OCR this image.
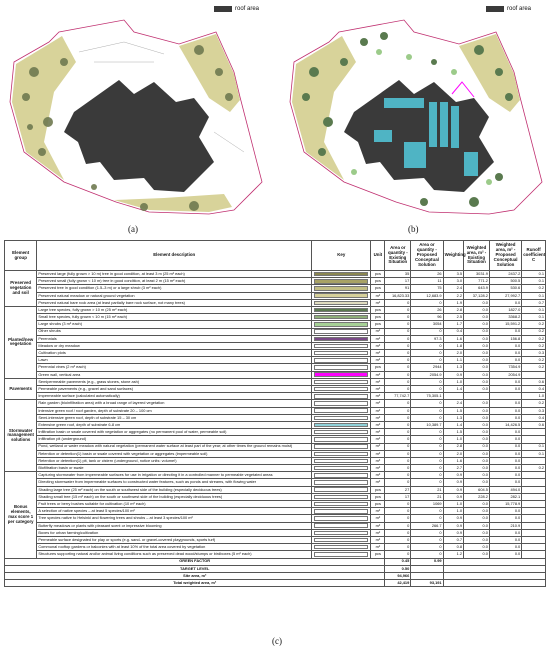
roof area	roof area
(a)	(b)
Element group	Element description	Key	Unit	Area or quantity - Existing Situation	Area or quantity - Proposed Conceptual Solution	Weighting	Weighted area, m² - Existing Situation	Weighted area, m² - Proposed Conceptual Solution	Runoff coefficient C
Preserved vegetation and soil	Preserved large (fully grown > 10 m) tree in good condition, at least 3 m (25 m² each)		pcs	35	26	3.5	3031.9	2437.2	0.1
	Preserved small (fully grown < 10 m) tree in good condition, at least 2 m (15 m² each)		pcs	17	11	3.0	771.2	500.5	0.1
	Preserved tree in good condition (1.5–3 m) or a large shrub (3 m² each)		pcs	91	75	2.4	643.9	530.6	0.2
	Preserved natural meadow or natural ground vegetation		m²	16,823.33	12,683.9	2.2	37,128.2	27,992.7	0.1
	Preserved natural bare rock area (at least partially bare rock surface, not many trees)		m²	0	0	1.9	0.0	0.0	0.7
Planted/new vegetation	Large tree species, fully grown > 10 m (25 m² each)		pcs	0	26	2.8	0.0	1827.0	0.1
	Small tree species, fully grown < 10 m (15 m² each)		pcs	0	96	2.5	0.0	3368.2	0.1
	Large shrubs (3 m² each)		pcs	0	3054	1.7	0.0	15,591.2	0.2
	Other shrubs		m²	0	0	0.4	0.0	0.0	0.2
	Perennials		m²	0	97.3	1.6	0.0	156.8	0.2
	Meadow or dry meadow		m²	0	0	1.8	0.0	0.0	0.2
	Cultivation plots		m²	0	0	2.0	0.0	0.0	0.3
	Lawn		m²	0	0	1.1	0.0	0.0	0.2
	Perennial vines (2 m² each)		pcs	0	2944	1.3	0.0	7354.9	0.2
	Green wall, vertical area		m²	0	2054.9	0.9	0.0	2054.9	
Pavements	Semipermeable pavements (e.g., grass stones, stone ash)		m²	0	0	1.0	0.0	0.0	0.6
	Permeable pavements (e.g., gravel and sand surfaces)		m²	0	0	1.4	0.0	0.0	0.4
	Impermeable surface (calculated automatically)		m²	77,742.7	75,305.1				1.0
Stormwater management solutions	Rain garden (bioinfiltration area) with a broad range of layered vegetation		m²	0	0	2.4	0.0	0.0	0.2
	Intensive green roof / roof garden, depth of substrate 20 – 100 cm		m²	0	0	1.5	0.0	0.0	0.3
	Semi-intensive green roof, depth of substrate 15 – 30 cm		m²	0	0	1.3	0.0	0.0	0.4
	Extensive green roof, depth of substrate 6-8 cm		m²	0	10,389.7	1.4	0.0	14,426.5	0.6
	Infiltration basin or swale covered with vegetation or aggregates (no permanent pool of water, permeable soil)		m²	0	0	1.5	0.0	0.0	
	Infiltration pit (underground)		m²	0	0	1.0	0.0	0.0	
	Pond, wetland or water meadow with natural vegetation (permanent water surface at least part of the year; at other times the ground remains moist)		m²	0	0	2.8	0.0	0.0	0.1
	Retention or detention(1) basin or swale covered with vegetation or aggregates (impermeable soil)		m²	0	0	2.0	0.0	0.0	0.1
	Retention or detention(1) pit, tank or cistern (underground, notice units: volume!)		m³	0	0	1.6	0.0	0.0	
	Biofiltration basin or swale		m²	0	0	2.7	0.0	0.0	0.2
Bonus elements, max score 1 per category	Capturing stormwater from impermeable surfaces for use in irrigation or directing it in a controlled manner to permeable vegetated areas		m²	0	0	0.9	0.0	0.0	
	Directing stormwater from impermeable surfaces to constructed water features, such as ponds and streams, with flowing water		m²	0	0	0.9	0.0	0.0	
	Shading large tree (25 m² each) on the south or southwest side of the building (especially deciduous trees)		pcs	27	21	0.9	604.5	494.0	
	Shading small tree (15 m² each) on the south or southwest side of the building (especially deciduous trees)		pcs	17	21	0.9	228.2	282.1	
	Fruit trees or berry bushes suitable for cultivation (10 m² each)		pcs	0	1069	1.0	0.0	15,778.9	
	A selection of native species – at least 5 species/100 m²		m²	0	0	1.0	0.0	0.0	
	Tree species native to Helsinki and flowering trees and shrubs – at least 3 species/100 m²		m²	0	0	0.9	0.0	0.0	
	Butterfly meadows or plants with pleasant scent or impressive blooming		m²	0	266.7	0.9	0.0	210.9	
	Boxes for urban farming/cultivation		m²	0	0	0.9	0.0	0.0	
	Permeable surface designated for play or sports (e.g. sand- or gravel-covered playgrounds, sports turf)		m²	0	0	0.7	0.0	0.0	
	Communal rooftop gardens or balconies with at least 10% of the total area covered by vegetation		m²	0	0	0.8	0.0	0.0	
	Structures supporting natural and/or animal living conditions such as preserved dead wood/stumps or birdboxes (5 m² each)		pcs	0	0	1.2	0.0	0.0	
GREEN FACTOR				0.45	0.99				
TARGET LEVEL				0.50					
Site area, m²				94,966					
Total weighted area, m²				42,419	93,191				
(c)
